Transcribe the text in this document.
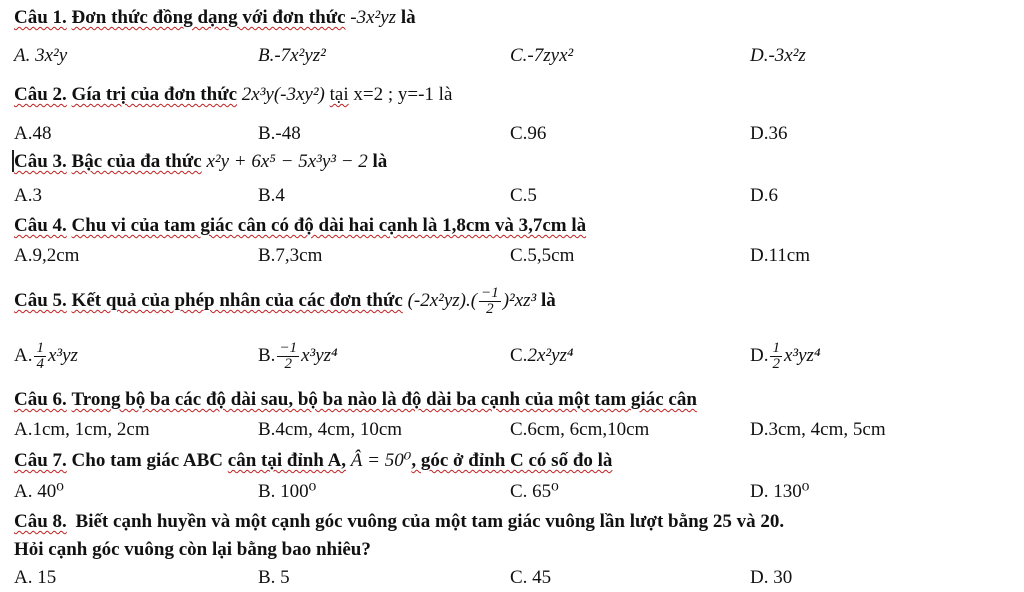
Câu 1. Đơn thức đồng dạng với đơn thức -3x²yz là
A. 3x²y	B.-7x²yz²	C.-7zyx²	D.-3x²z
Câu 2. Gía trị của đơn thức 2x³y(-3xy²) tại x=2 ; y=-1 là
A.48	B.-48	C.96	D.36
Câu 3. Bậc của đa thức x²y + 6x⁵ − 5x³y³ − 2 là
A.3	B.4	C.5	D.6
Câu 4. Chu vi của tam giác cân có độ dài hai cạnh là 1,8cm và 3,7cm là
A.9,2cm	B.7,3cm	C.5,5cm	D.11cm
Câu 5. Kết quả của phép nhân của các đơn thức $(-2x^2yz).( \frac{-1}{2} )^2xz^3$ là
A. $\frac{1}{4} x^3yz$	B. $\frac{-1}{2} x^3yz^4$	C.2x²yz⁴	D. $\frac{1}{2} x^3yz^4$
Câu 6. Trong bộ ba các độ dài sau, bộ ba nào là độ dài ba cạnh của một tam giác cân
A.1cm, 1cm, 2cm	B.4cm, 4cm, 10cm	C.6cm, 6cm,10cm	D.3cm, 4cm, 5cm
Câu 7. Cho tam giác ABC cân tại đỉnh A, Â = 50⁰, góc ở đỉnh C có số đo là
A. 40⁰	B. 100⁰	C. 65⁰	D. 130⁰
Câu 8. Biết cạnh huyền và một cạnh góc vuông của một tam giác vuông lần lượt bằng 25 và 20.
Hỏi cạnh góc vuông còn lại bằng bao nhiêu?
A. 15	B. 5	C. 45	D. 30
